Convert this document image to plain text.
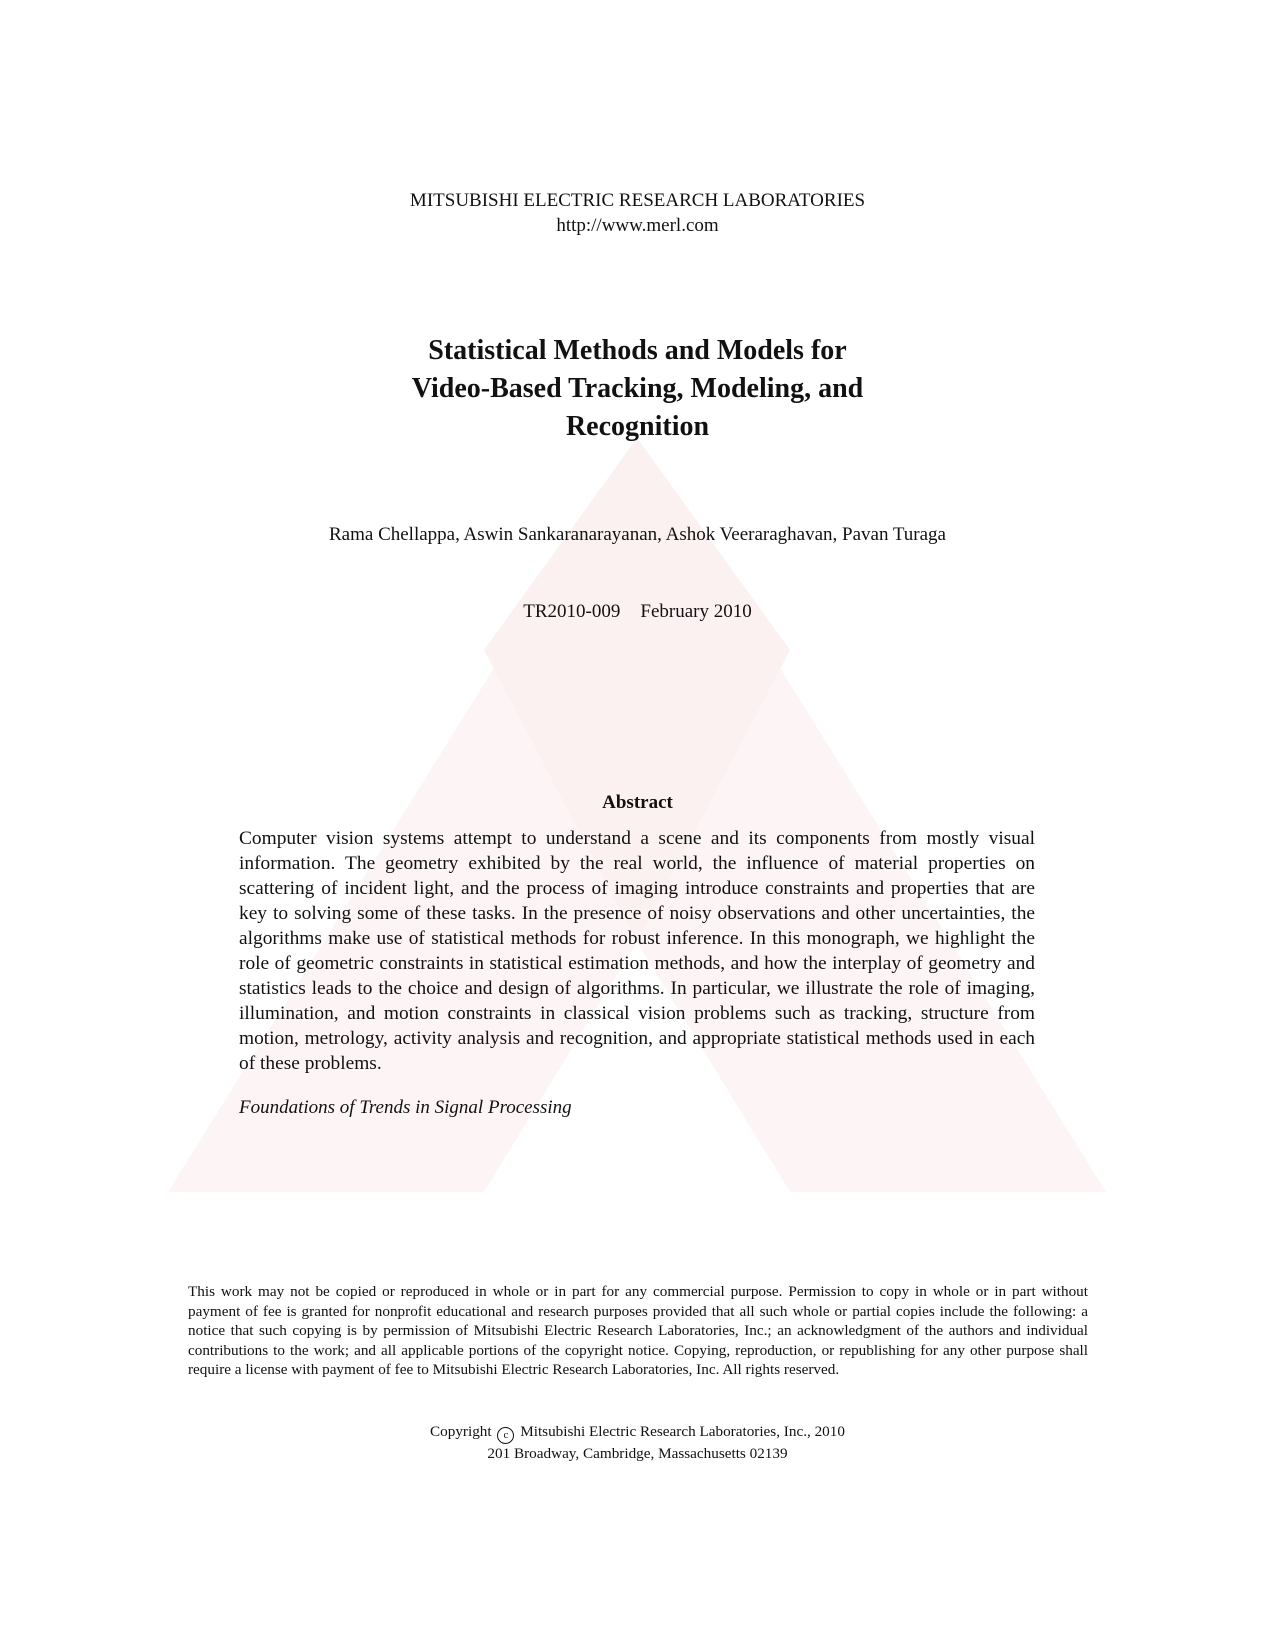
MITSUBISHI ELECTRIC RESEARCH LABORATORIES
http://www.merl.com
Statistical Methods and Models for
Video-Based Tracking, Modeling, and
Recognition
Rama Chellappa, Aswin Sankaranarayanan, Ashok Veeraraghavan, Pavan Turaga
TR2010-009 February 2010
Abstract
Computer vision systems attempt to understand a scene and its components from mostly visual information. The geometry exhibited by the real world, the influence of material properties on scattering of incident light, and the process of imaging introduce constraints and properties that are key to solving some of these tasks. In the presence of noisy observations and other uncertainties, the algorithms make use of statistical methods for robust inference. In this monograph, we highlight the role of geometric constraints in statistical estimation methods, and how the interplay of geometry and statistics leads to the choice and design of algorithms. In particular, we illustrate the role of imaging, illumination, and motion constraints in classical vision problems such as tracking, structure from motion, metrology, activity analysis and recognition, and appropriate statistical methods used in each of these problems.
Foundations of Trends in Signal Processing
This work may not be copied or reproduced in whole or in part for any commercial purpose. Permission to copy in whole or in part without payment of fee is granted for nonprofit educational and research purposes provided that all such whole or partial copies include the following: a notice that such copying is by permission of Mitsubishi Electric Research Laboratories, Inc.; an acknowledgment of the authors and individual contributions to the work; and all applicable portions of the copyright notice. Copying, reproduction, or republishing for any other purpose shall require a license with payment of fee to Mitsubishi Electric Research Laboratories, Inc. All rights reserved.
Copyright c Mitsubishi Electric Research Laboratories, Inc., 2010
201 Broadway, Cambridge, Massachusetts 02139
